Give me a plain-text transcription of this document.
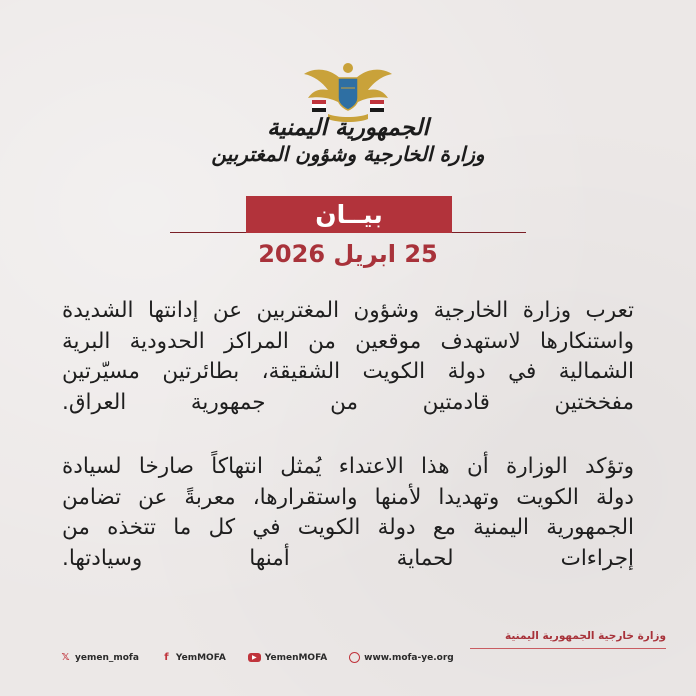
الجمهورية اليمنية
وزارة الخارجية وشؤون المغتربين
بيــان
25 ابريل 2026
تعرب وزارة الخارجية وشؤون المغتربين عن إدانتها الشديدة
واستنكارها لاستهدف موقعين من المراكز الحدودية البرية
الشمالية في دولة الكويت الشقيقة، بطائرتين مسيّرتين
مفخختين قادمتين من جمهورية العراق.
وتؤكد الوزارة أن هذا الاعتداء يُمثل انتهاكاً صارخا لسيادة
دولة الكويت وتهديدا لأمنها واستقرارها، معربةً عن تضامن
الجمهورية اليمنية مع دولة الكويت في كل ما تتخذه من
إجراءات لحماية أمنها وسيادتها.
وزارة خارجية الجمهورية اليمنية
𝕏 yemen_mofa	f YemMOFA	▶ YemenMOFA	www.mofa-ye.org
